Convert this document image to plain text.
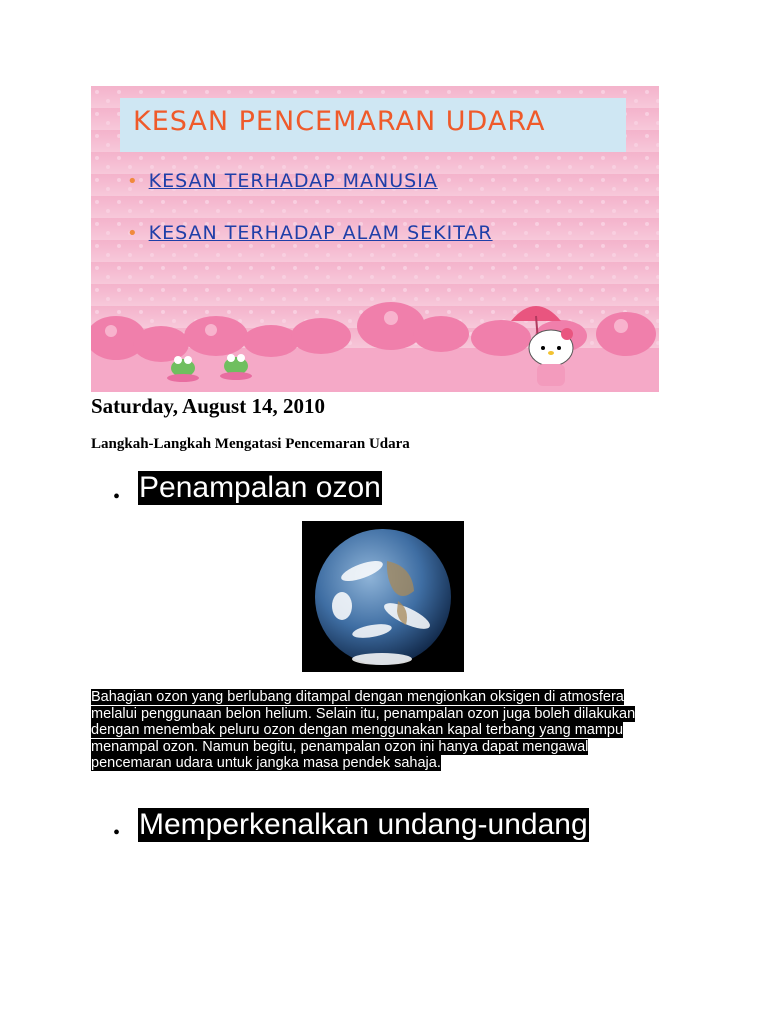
KESAN PENCEMARAN UDARA
• KESAN TERHADAP MANUSIA
• KESAN TERHADAP ALAM SEKITAR
Saturday, August 14, 2010
Langkah-Langkah Mengatasi Pencemaran Udara
• Penampalan ozon
Bahagian ozon yang berlubang ditampal dengan mengionkan oksigen di atmosfera
melalui penggunaan belon helium. Selain itu, penampalan ozon juga boleh dilakukan
dengan menembak peluru ozon dengan menggunakan kapal terbang yang mampu
menampal ozon. Namun begitu, penampalan ozon ini hanya dapat mengawal
pencemaran udara untuk jangka masa pendek sahaja.
• Memperkenalkan undang-undang
